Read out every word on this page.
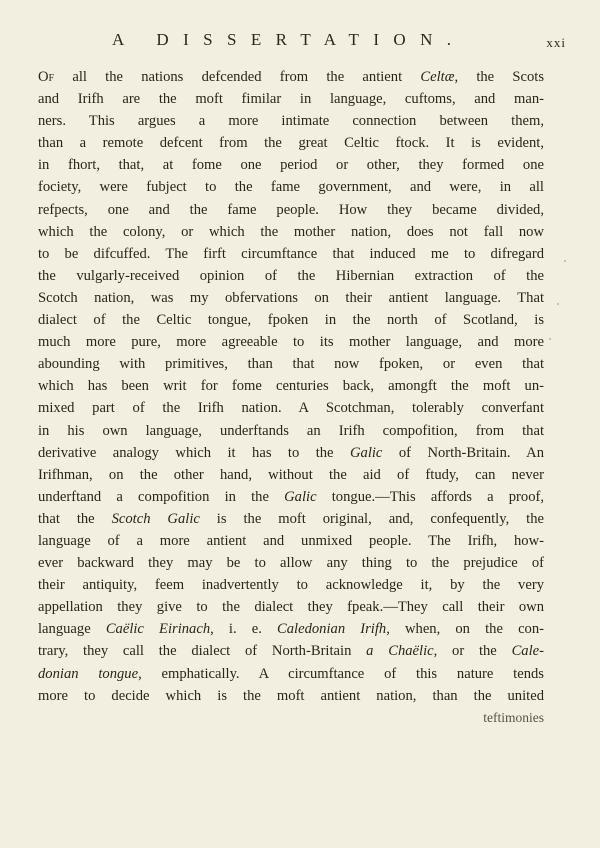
A DISSERTATION.	xxi
Of all the nations defcended from the antient Celtæ, the Scots
and Irifh are the moft fimilar in language, cuftoms, and man-
ners. This argues a more intimate connection between them,
than a remote defcent from the great Celtic ftock. It is evident,
in fhort, that, at fome one period or other, they formed one
fociety, were fubject to the fame government, and were, in all
refpects, one and the fame people. How they became divided,
which the colony, or which the mother nation, does not fall now
to be difcuffed. The firft circumftance that induced me to difregard
the vulgarly-received opinion of the Hibernian extraction of the
Scotch nation, was my obfervations on their antient language. That
dialect of the Celtic tongue, fpoken in the north of Scotland, is
much more pure, more agreeable to its mother language, and more
abounding with primitives, than that now fpoken, or even that
which has been writ for fome centuries back, amongft the moft un-
mixed part of the Irifh nation. A Scotchman, tolerably converfant
in his own language, underftands an Irifh compofition, from that
derivative analogy which it has to the Galic of North-Britain. An
Irifhman, on the other hand, without the aid of ftudy, can never
underftand a compofition in the Galic tongue.—This affords a proof,
that the Scotch Galic is the moft original, and, confequently, the
language of a more antient and unmixed people. The Irifh, how-
ever backward they may be to allow any thing to the prejudice of
their antiquity, feem inadvertently to acknowledge it, by the very
appellation they give to the dialect they fpeak.—They call their own
language Caëlic Eirinach, i. e. Caledonian Irifh, when, on the con-
trary, they call the dialect of North-Britain a Chaëlic, or the Cale-
donian tongue, emphatically. A circumftance of this nature tends
more to decide which is the moft antient nation, than the united
teftimonies
